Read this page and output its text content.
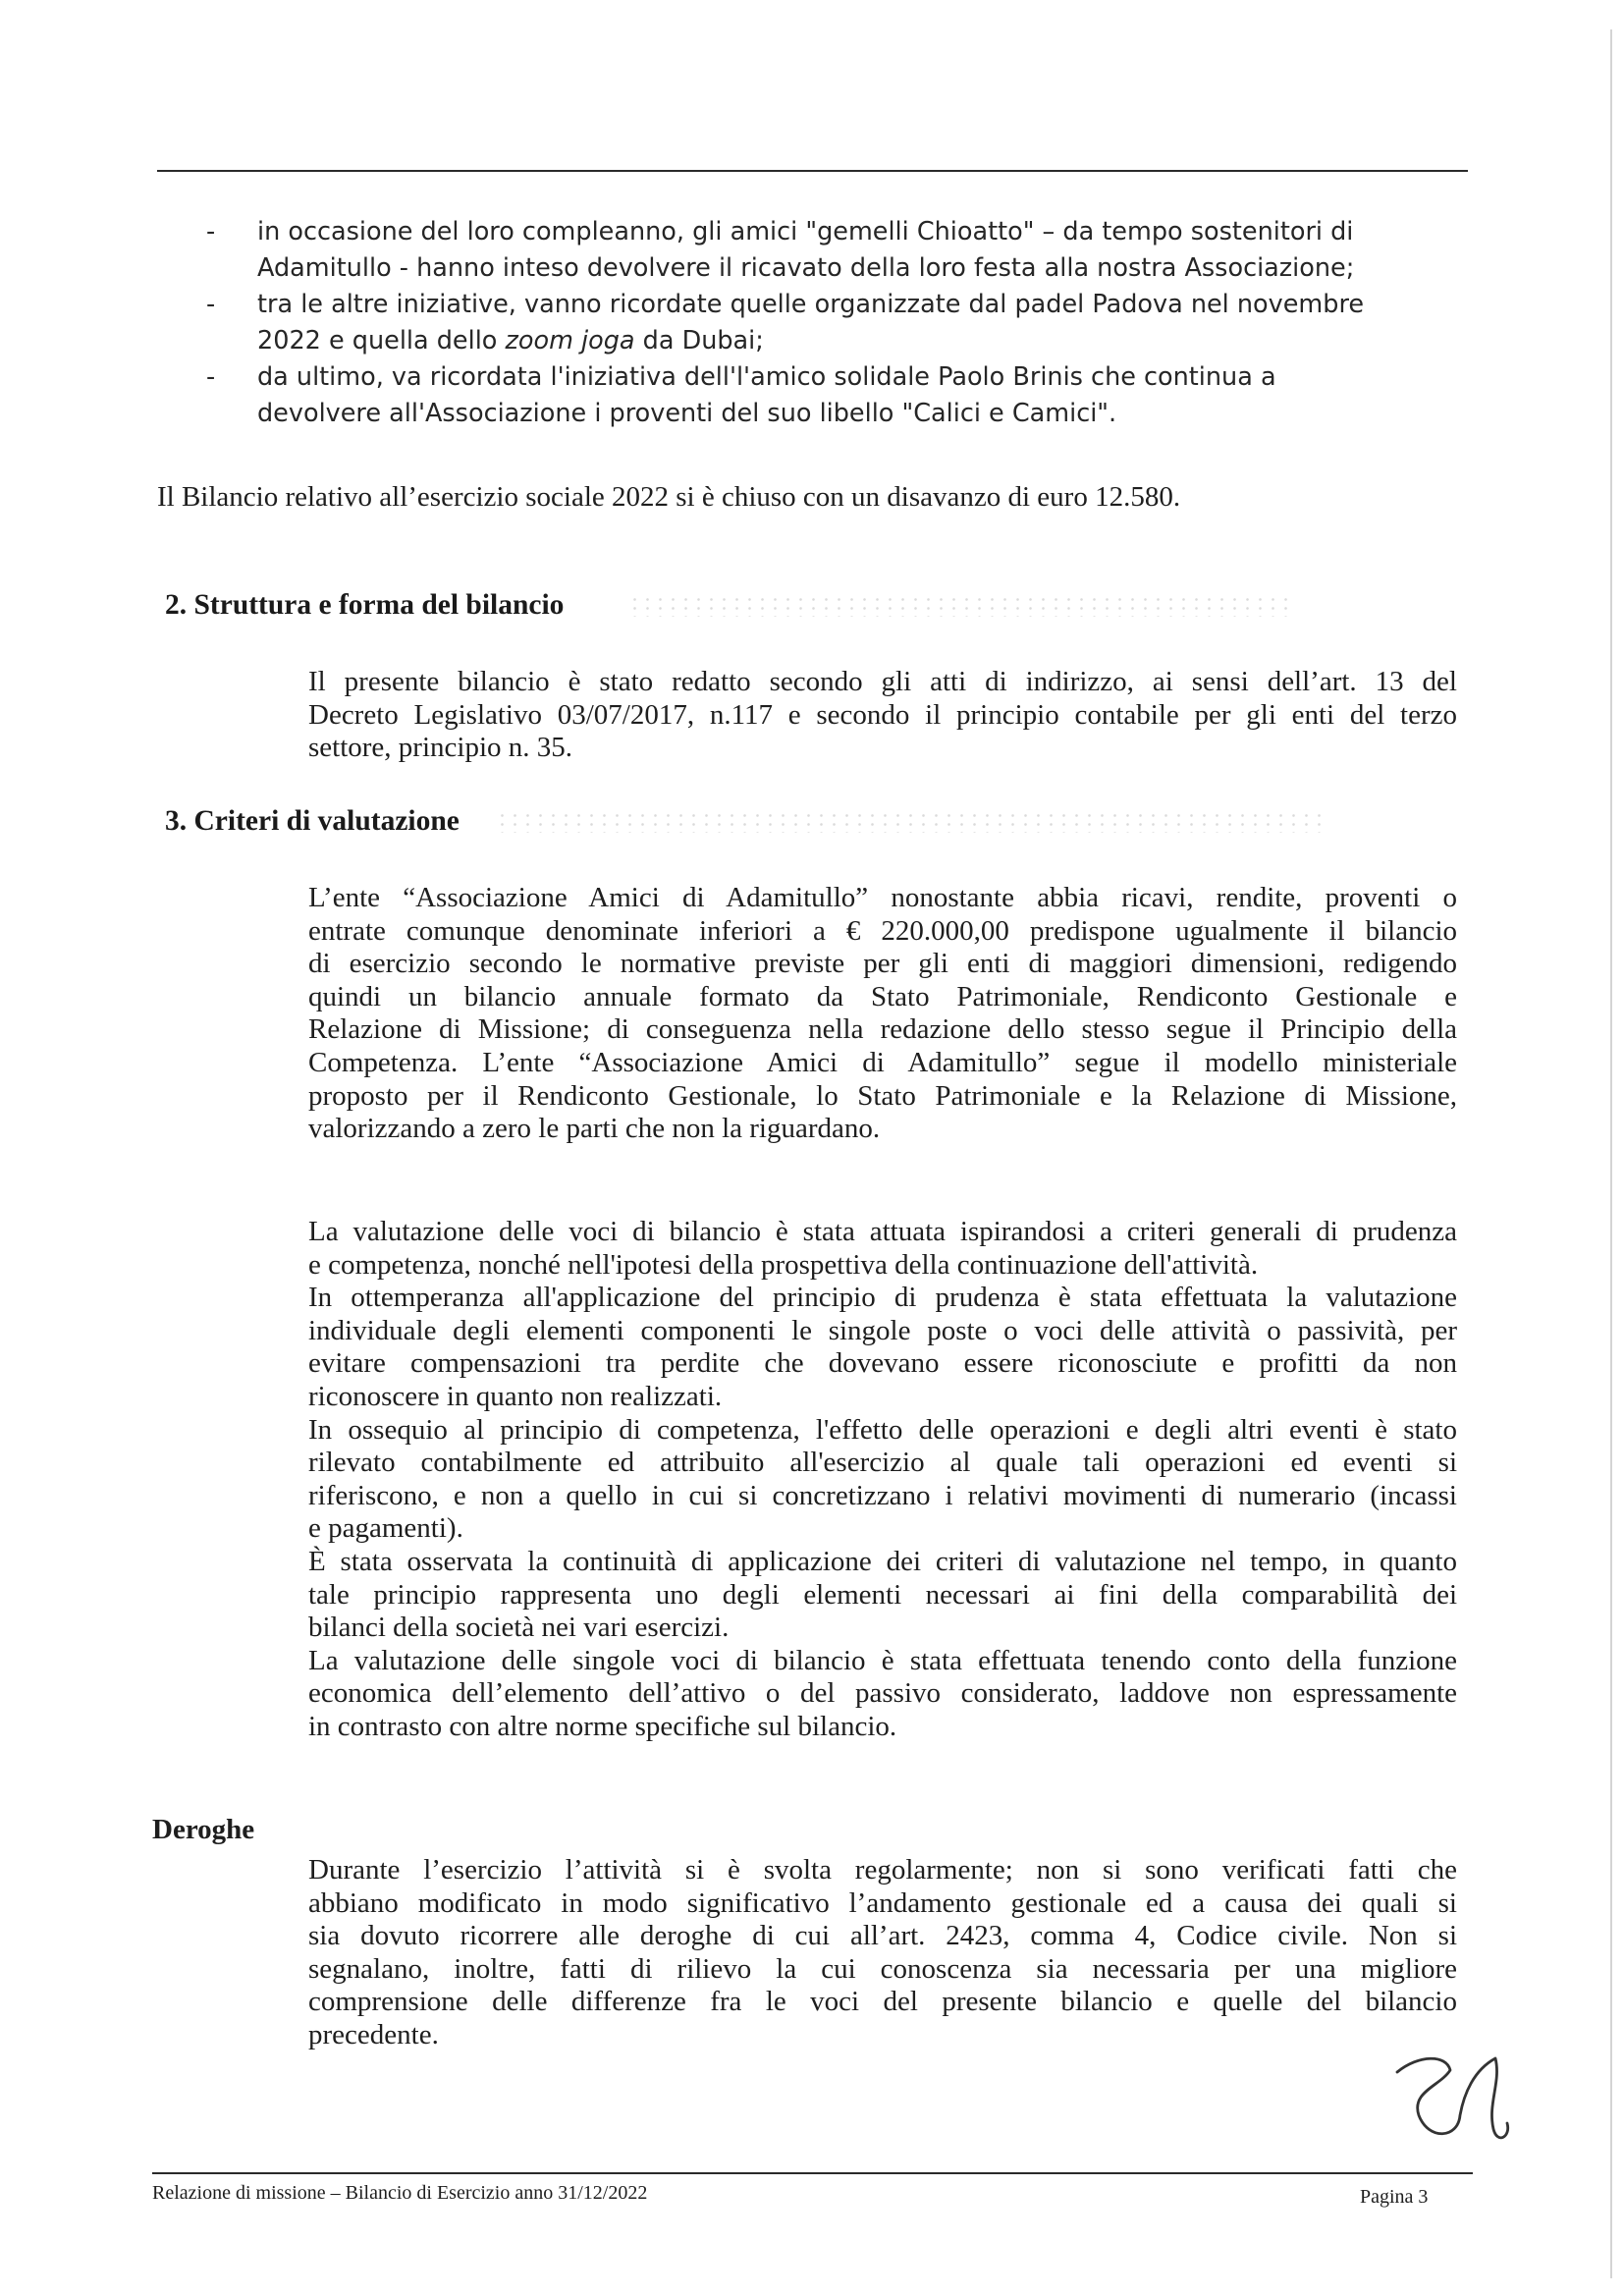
- in occasione del loro compleanno, gli amici "gemelli Chioatto" – da tempo sostenitori di
Adamitullo - hanno inteso devolvere il ricavato della loro festa alla nostra Associazione;
- tra le altre iniziative, vanno ricordate quelle organizzate dal padel Padova nel novembre
2022 e quella dello zoom joga da Dubai;
- da ultimo, va ricordata l'iniziativa dell'l'amico solidale Paolo Brinis che continua a
devolvere all'Associazione i proventi del suo libello "Calici e Camici".

Il Bilancio relativo all’esercizio sociale 2022 si è chiuso con un disavanzo di euro 12.580.

2. Struttura e forma del bilancio
Il presente bilancio è stato redatto secondo gli atti di indirizzo, ai sensi dell’art. 13 del
Decreto Legislativo 03/07/2017, n.117 e secondo il principio contabile per gli enti del terzo
settore, principio n. 35.
3. Criteri di valutazione
L’ente “Associazione Amici di Adamitullo” nonostante abbia ricavi, rendite, proventi o
entrate comunque denominate inferiori a € 220.000,00 predispone ugualmente il bilancio
di esercizio secondo le normative previste per gli enti di maggiori dimensioni, redigendo
quindi un bilancio annuale formato da Stato Patrimoniale, Rendiconto Gestionale e
Relazione di Missione; di conseguenza nella redazione dello stesso segue il Principio della
Competenza. L’ente “Associazione Amici di Adamitullo” segue il modello ministeriale
proposto per il Rendiconto Gestionale, lo Stato Patrimoniale e la Relazione di Missione,
valorizzando a zero le parti che non la riguardano.
La valutazione delle voci di bilancio è stata attuata ispirandosi a criteri generali di prudenza
e competenza, nonché nell'ipotesi della prospettiva della continuazione dell'attività.
In ottemperanza all'applicazione del principio di prudenza è stata effettuata la valutazione
individuale degli elementi componenti le singole poste o voci delle attività o passività, per
evitare compensazioni tra perdite che dovevano essere riconosciute e profitti da non
riconoscere in quanto non realizzati.
In ossequio al principio di competenza, l'effetto delle operazioni e degli altri eventi è stato
rilevato contabilmente ed attribuito all'esercizio al quale tali operazioni ed eventi si
riferiscono, e non a quello in cui si concretizzano i relativi movimenti di numerario (incassi
e pagamenti).
È stata osservata la continuità di applicazione dei criteri di valutazione nel tempo, in quanto
tale principio rappresenta uno degli elementi necessari ai fini della comparabilità dei
bilanci della società nei vari esercizi.
La valutazione delle singole voci di bilancio è stata effettuata tenendo conto della funzione
economica dell’elemento dell’attivo o del passivo considerato, laddove non espressamente
in contrasto con altre norme specifiche sul bilancio.

Deroghe

Durante l’esercizio l’attività si è svolta regolarmente; non si sono verificati fatti che
abbiano modificato in modo significativo l’andamento gestionale ed a causa dei quali si
sia dovuto ricorrere alle deroghe di cui all’art. 2423, comma 4, Codice civile. Non si
segnalano, inoltre, fatti di rilievo la cui conoscenza sia necessaria per una migliore
comprensione delle differenze fra le voci del presente bilancio e quelle del bilancio
precedente.
Relazione di missione – Bilancio di Esercizio anno 31/12/2022	Pagina 3
